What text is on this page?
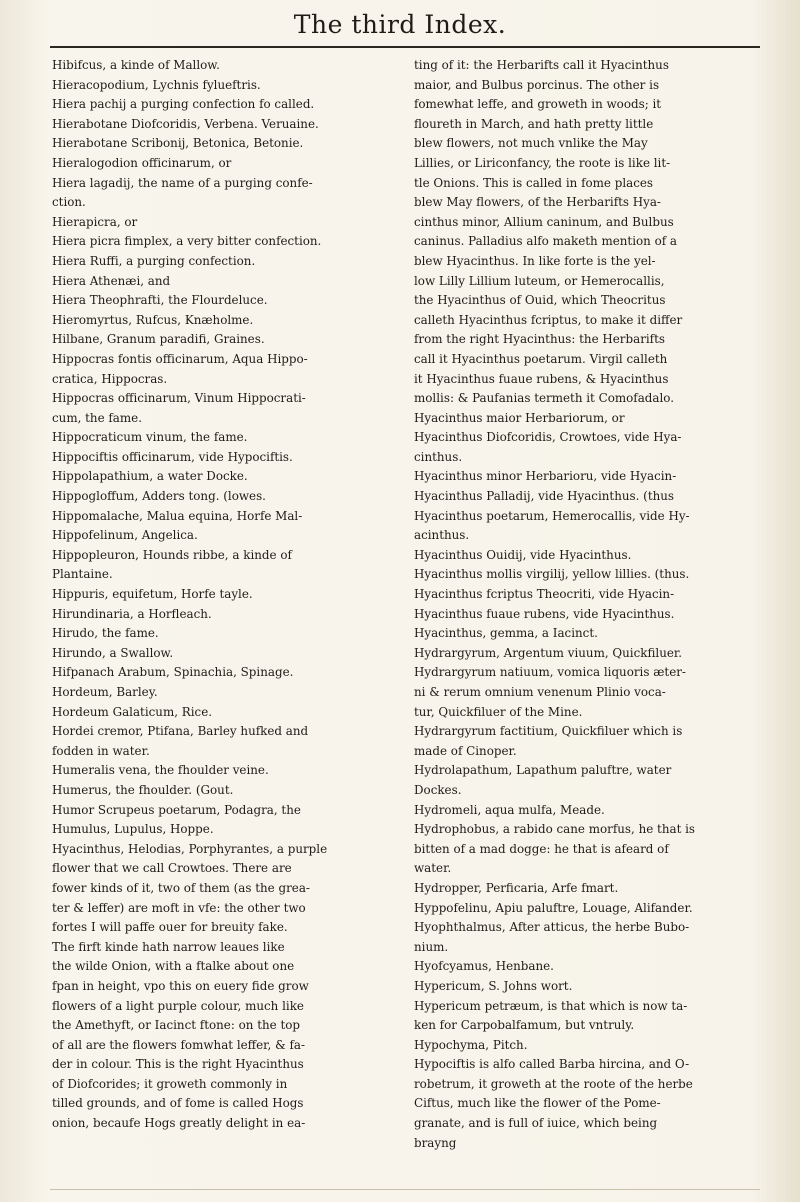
The third Index.
Hibifcus, a kinde of Mallow.
Hieracopodium, Lychnis fylueftris.
Hiera pachij a purging confection fo called.
Hierabotane Diofcoridis, Verbena. Veruaine.
Hierabotane Scribonij, Betonica, Betonie.
Hieralogodion officinarum, or
Hiera lagadij, the name of a purging confe-
ction.
Hierapicra, or
Hiera picra fimplex, a very bitter confection.
Hiera Ruffi, a purging confection.
Hiera Athenæi, and
Hiera Theophrafti, the Flourdeluce.
Hieromyrtus, Rufcus, Knæholme.
Hilbane, Granum paradifi, Graines.
Hippocras fontis officinarum, Aqua Hippo-
cratica, Hippocras.
Hippocras officinarum, Vinum Hippocrati-
cum, the fame.
Hippocraticum vinum, the fame.
Hippociftis officinarum, vide Hypociftis.
Hippolapathium, a water Docke.
Hippogloffum, Adders tong. (lowes.
Hippomalache, Malua equina, Horfe Mal-
Hippofelinum, Angelica.
Hippopleuron, Hounds ribbe, a kinde of
Plantaine.
Hippuris, equifetum, Horfe tayle.
Hirundinaria, a Horfleach.
Hirudo, the fame.
Hirundo, a Swallow.
Hifpanach Arabum, Spinachia, Spinage.
Hordeum, Barley.
Hordeum Galaticum, Rice.
Hordei cremor, Ptifana, Barley hufked and
fodden in water.
Humeralis vena, the fhoulder veine.
Humerus, the fhoulder. (Gout.
Humor Scrupeus poetarum, Podagra, the
Humulus, Lupulus, Hoppe.
Hyacinthus, Helodias, Porphyrantes, a purple
flower that we call Crowtoes. There are
fower kinds of it, two of them (as the grea-
ter & leffer) are moft in vfe: the other two
fortes I will paffe ouer for breuity fake.
The firft kinde hath narrow leaues like
the wilde Onion, with a ftalke about one
fpan in height, vpo this on euery fide grow
flowers of a light purple colour, much like
the Amethyft, or Iacinct ftone: on the top
of all are the flowers fomwhat leffer, & fa-
der in colour. This is the right Hyacinthus
of Diofcorides; it groweth commonly in
tilled grounds, and of fome is called Hogs
onion, becaufe Hogs greatly delight in ea-
ting of it: the Herbarifts call it Hyacinthus
maior, and Bulbus porcinus. The other is
fomewhat leffe, and groweth in woods; it
floureth in March, and hath pretty little
blew flowers, not much vnlike the May
Lillies, or Liriconfancy, the roote is like lit-
tle Onions. This is called in fome places
blew May flowers, of the Herbarifts Hya-
cinthus minor, Allium caninum, and Bulbus
caninus. Palladius alfo maketh mention of a
blew Hyacinthus. In like forte is the yel-
low Lilly Lillium luteum, or Hemerocallis,
the Hyacinthus of Ouid, which Theocritus
calleth Hyacinthus fcriptus, to make it differ
from the right Hyacinthus: the Herbarifts
call it Hyacinthus poetarum. Virgil calleth
it Hyacinthus fuaue rubens, & Hyacinthus
mollis: & Paufanias termeth it Comofadalo.
Hyacinthus maior Herbariorum, or
Hyacinthus Diofcoridis, Crowtoes, vide Hya-
cinthus.
Hyacinthus minor Herbarioru, vide Hyacin-
Hyacinthus Palladij, vide Hyacinthus. (thus
Hyacinthus poetarum, Hemerocallis, vide Hy-
acinthus.
Hyacinthus Ouidij, vide Hyacinthus.
Hyacinthus mollis virgilij, yellow lillies. (thus.
Hyacinthus fcriptus Theocriti, vide Hyacin-
Hyacinthus fuaue rubens, vide Hyacinthus.
Hyacinthus, gemma, a Iacinct.
Hydrargyrum, Argentum viuum, Quickfiluer.
Hydrargyrum natiuum, vomica liquoris æter-
ni & rerum omnium venenum Plinio voca-
tur, Quickfiluer of the Mine.
Hydrargyrum factitium, Quickfiluer which is
made of Cinoper.
Hydrolapathum, Lapathum paluftre, water
Dockes.
Hydromeli, aqua mulfa, Meade.
Hydrophobus, a rabido cane morfus, he that is
bitten of a mad dogge: he that is afeard of
water.
Hydropper, Perficaria, Arfe fmart.
Hyppofelinu, Apiu paluftre, Louage, Alifander.
Hyophthalmus, After atticus, the herbe Bubo-
nium.
Hyofcyamus, Henbane.
Hypericum, S. Johns wort.
Hypericum petræum, is that which is now ta-
ken for Carpobalfamum, but vntruly.
Hypochyma, Pitch.
Hypociftis is alfo called Barba hircina, and O-
robetrum, it groweth at the roote of the herbe
Ciftus, much like the flower of the Pome-
granate, and is full of iuice, which being
brayng
